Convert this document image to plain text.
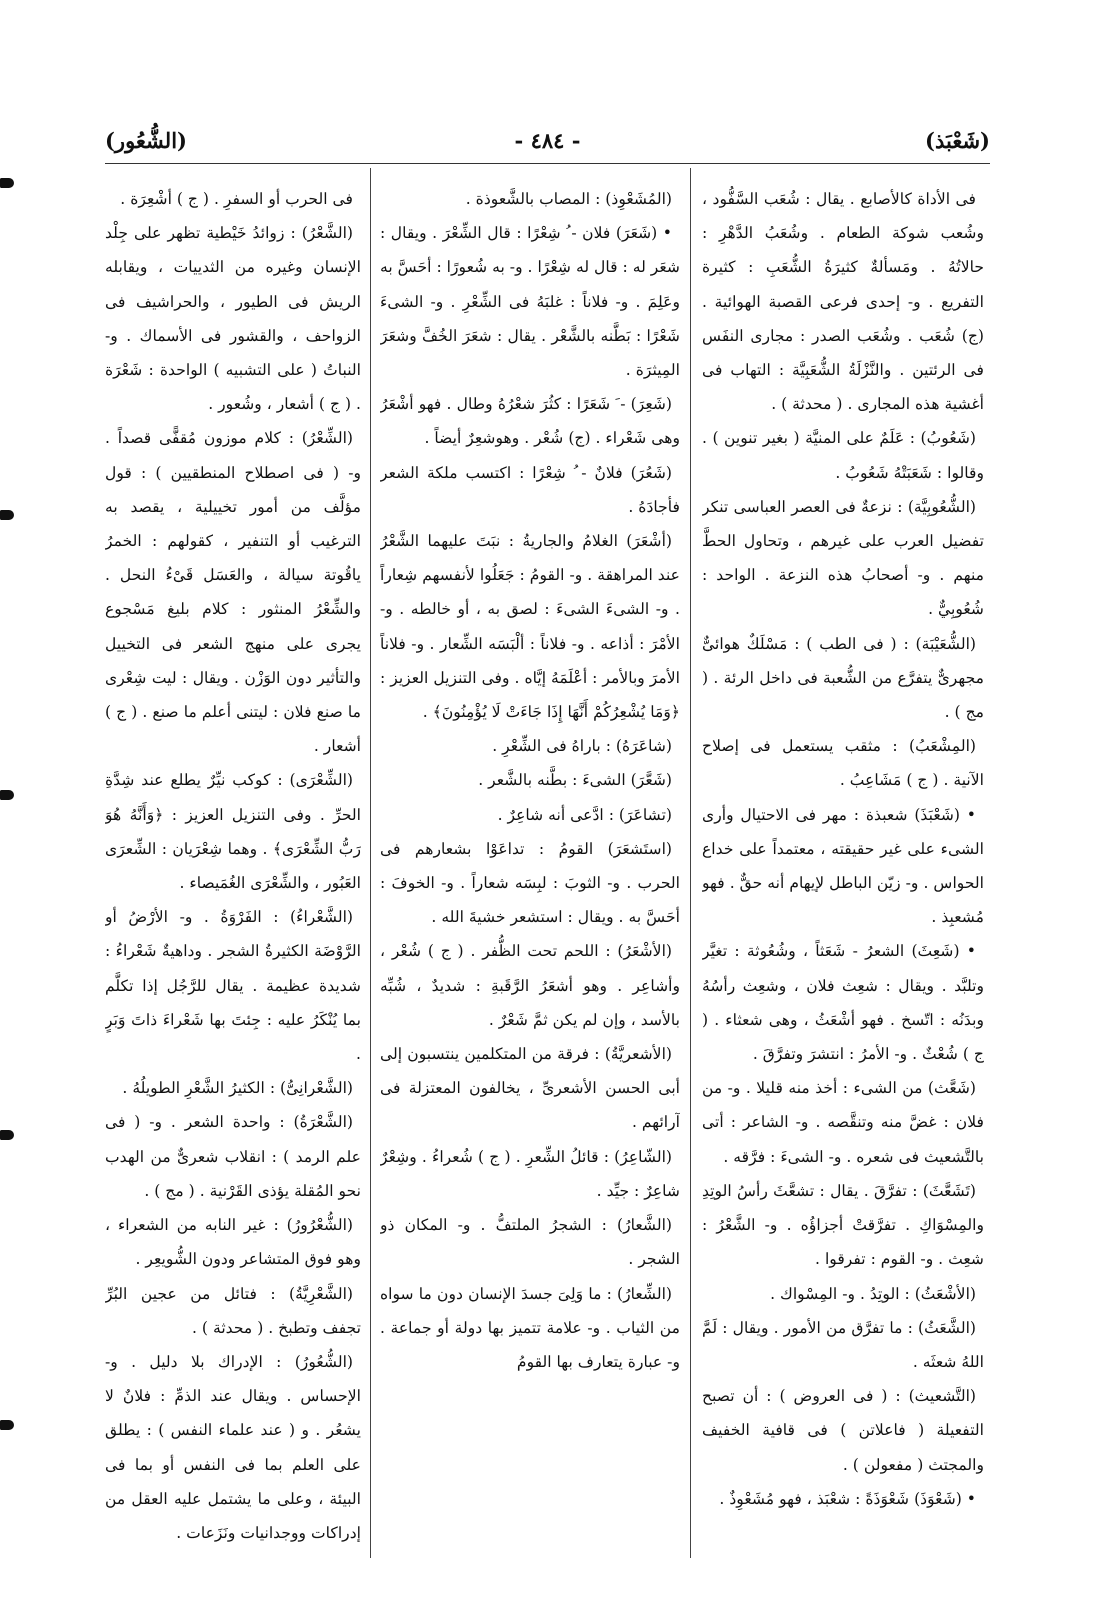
(شَعْبَذ)
- ٤٨٤ -
(الشُّعُور)

فى الأداة كالأصابع . يقال : شُعَب السَّفُّود ، وشُعب شوكة الطعام . وشُعَبُ الدَّهْرِ : حالاتُهُ . ومَسألةٌ كثيرَةُ الشُّعَبِ : كثيرة التفريع . و- إحدى فرعى القصبة الهوائية . (ج) شُعَب . وشُعَب الصدر : مجارى النفَس فى الرئتين . والنَّزْلَةُ الشُّعَبِيَّة : التهاب فى أغشية هذه المجارى . ( محدثة ) .

(شَعُوبُ) : عَلَمٌ على المنيَّة ( بغير تنوين ) . وقالوا : شَعَبَتْهُ شَعُوبُ .

(الشُّعُوبِيَّة) : نزعةٌ فى العصر العباسى تنكر تفضيل العرب على غيرهم ، وتحاول الحطَّ منهم . و- أصحابُ هذه النزعة . الواحد : شُعُوبِيٌّ .

(الشُّعَيْبَة) : ( فى الطب ) : مَسْلَكٌ هوائىٌّ مجهرىٌّ يتفرَّع من الشُّعبة فى داخل الرئة . ( مج ) .

(المِشْعَبُ) : مثقب يستعمل فى إصلاح الآنية . ( ج ) مَشَاعِبُ .

• (شَعْبَذَ) شعبذة : مهر فى الاحتيال وأرى الشىء على غير حقيقته ، معتمداً على خداع الحواس . و- زيّن الباطل لإيهام أنه حقٌّ . فهو مُشعبِذ .

• (شَعِثَ) الشعرُ - شَعَثاً ، وشُعُوثة : تغيَّر وتلبَّد . ويقال : شعِث فلان ، وشعِث رأسُهُ وبدَنُه : اتّسخ . فهو أشْعَثُ ، وهى شعثاء . ( ج ) شُعْثٌ . و- الأمرُ : انتشرَ وتفرَّقَ .

(شَعَّث) من الشىء : أخذ منه قليلا . و- من فلان : غضَّ منه وتنقَّصه . و- الشاعر : أتى بالتَّشعيث فى شعره . و- الشىءَ : فرَّقه .

(تَشَعَّثَ) : تفرَّقَ . يقال : تشعَّثَ رأسُ الوتِدِ والمِسْوَاكِ . تفرَّقتْ أجزاؤُه . و- الشَّعْرُ : شعِث . و- القوم : تفرقوا .

(الأشْعَثُ) : الوتِدُ . و- المِسْواك .

(الشَّعَثُ) : ما تفرَّق من الأمور . ويقال : لَمَّ اللهُ شعثَه .

(التَّشعيث) : ( فى العروض ) : أن تصبح التفعيلة ( فاعلاتن ) فى قافية الخفيف والمجتث ( مفعولن ) .

• (شَعْوَذَ) شَعْوَذَةً : شعْبَذ ، فهو مُشَعْوِذٌ .

(المُشَعْوِذ) : المصاب بالشَّعوذة .

• (شَعَرَ) فلان - ُ شِعْرًا : قال الشِّعْرَ . ويقال : شعَر له : قال له شِعْرًا . و- به شُعورًا : أحَسَّ به وعَلِمَ . و- فلاناً : غلبَهُ فى الشِّعْرِ . و- الشىءَ شَعْرًا : بَطَّنه بالشَّعْر . يقال : شعَرَ الخُفَّ وشعَرَ المِيثرَة .

(شَعِرَ) - َ شَعَرًا : كثُرَ شعْرُهُ وطال . فهو أشْعَرُ وهى شَعْراء . (ج) شُعْر . وهوشعِرٌ أيضاً .

(شَعُرَ) فلانٌ - ُ شِعْرًا : اكتسب ملكة الشعر فأجادَهُ .

(أشْعَرَ) الغلامُ والجاريةُ : نبَتَ عليهما الشَّعْرُ عند المراهقة . و- القومُ : جَعَلُوا لأنفسهم شِعاراً . و- الشىءَ الشىءَ : لصق به ، أو خالطه . و- الأمْرَ : أذاعه . و- فلاناً : ألْبَسَه الشِّعار . و- فلاناً الأمرَ وبالأمر : أعْلَمَهُ إيَّاه . وفى التنزيل العزيز : ﴿وَمَا يُشْعِرُكُمْ أَنَّهَا إِذَا جَاءَتْ لَا يُؤْمِنُونَ﴾ .

(شاعَرَهُ) : باراهُ فى الشِّعْرِ .

(شَعَّرَ) الشىءَ : بطَّنه بالشَّعر .

(تشاعَرَ) : ادَّعى أنه شاعِرٌ .

(استَشعَرَ) القومُ : تداعَوْا بشعارهم فى الحرب . و- الثوبَ : لبِسَه شعاراً . و- الخوفَ : أحَسَّ به . ويقال : استشعر خشيةَ الله .

(الأشْعَرُ) : اللحم تحت الظُّفر . ( ج ) شُعْر ، وأشاعِر . وهو أشعَرُ الرَّقَبةِ : شديدٌ ، شُبِّه بالأسد ، وإن لم يكن ثمَّ شَعْرٌ .

(الأشعريَّةُ) : فرقة من المتكلمين ينتسبون إلى أبى الحسن الأشعرىِّ ، يخالفون المعتزلة فى آرائهم .

(الشّاعِرُ) : قائلُ الشِّعرِ . ( ج ) شُعراءُ . وشِعْرٌ شاعِرٌ : جيِّد .

(الشَّعارُ) : الشجرُ الملتفُّ . و- المكان ذو الشجر .

(الشِّعارُ) : ما وَلِىَ جسدَ الإنسان دون ما سواه من الثياب . و- علامة تتميز بها دولة أو جماعة . و- عبارة يتعارف بها القومُ

فى الحرب أو السفرِ . ( ج ) أشْعِرَة .

(الشَّعْرُ) : زوائدُ خَيْطية تظهر على جِلْد الإنسان وغيره من الثدييات ، ويقابله الريش فى الطيور ، والحراشيف فى الزواحف ، والقشور فى الأسماك . و- النباتُ ( على التشبيه ) الواحدة : شَعْرَة . ( ج ) أشعار ، وشُعور .

(الشِّعْرُ) : كلام موزون مُقفًّى قصداً . و- ( فى اصطلاح المنطقيين ) : قول مؤلَّف من أمور تخييلية ، يقصد به الترغيب أو التنفير ، كقولهم : الخمرُ ياقُوتة سيالة ، والعَسَل قَىْءُ النحل . والشِّعْرُ المنثور : كلام بليغ مَسْجوع يجرى على منهج الشعر فى التخييل والتأثير دون الوَزْن . ويقال : ليت شِعْرى ما صنع فلان : ليتنى أعلم ما صنع . ( ج ) أشعار .

(الشِّعْرَى) : كوكب نيِّرٌ يطلع عند شِدَّةِ الحرِّ . وفى التنزيل العزيز : ﴿وَأَنَّهُ هُوَ رَبُّ الشِّعْرَى﴾ . وهما شِعْرَيان : الشِّعرَى العَبُور ، والشِّعْرَى الغُمَيصاء .

(الشَّعْراءُ) : الفَرْوَةُ . و- الأرْضُ أو الرَّوْضَة الكثيرةُ الشجر . وداهيةٌ شَعْراءُ : شديدة عظيمة . يقال للرَّجُل إذا تكلَّم بما يُنْكَرُ عليه : جِئتَ بها شَعْراءَ ذاتَ وَبَرٍ .

(الشَّعْرانِىُّ) : الكثيرُ الشَّعْرِ الطويلُهُ .

(الشَّعْرَةُ) : واحدة الشعر . و- ( فى علم الرمد ) : انقلاب شعرىٌّ من الهدب نحو المُقلة يؤذى القَرْنية . ( مج ) .

(الشُّعْرُورُ) : غير النابه من الشعراء ، وهو فوق المتشاعر ودون الشُّويعِر .

(الشَّعْرِيَّةُ) : فتائل من عجين البُرِّ تجفف وتطبخ . ( محدثة ) .

(الشُّعُورُ) : الإدراك بلا دليل . و- الإحساس . ويقال عند الذمِّ : فلانٌ لا يشعُر . و ( عند علماء النفس ) : يطلق على العلم بما فى النفس أو بما فى البيئة ، وعلى ما يشتمل عليه العقل من إدراكات ووجدانيات ونَزَعات .
